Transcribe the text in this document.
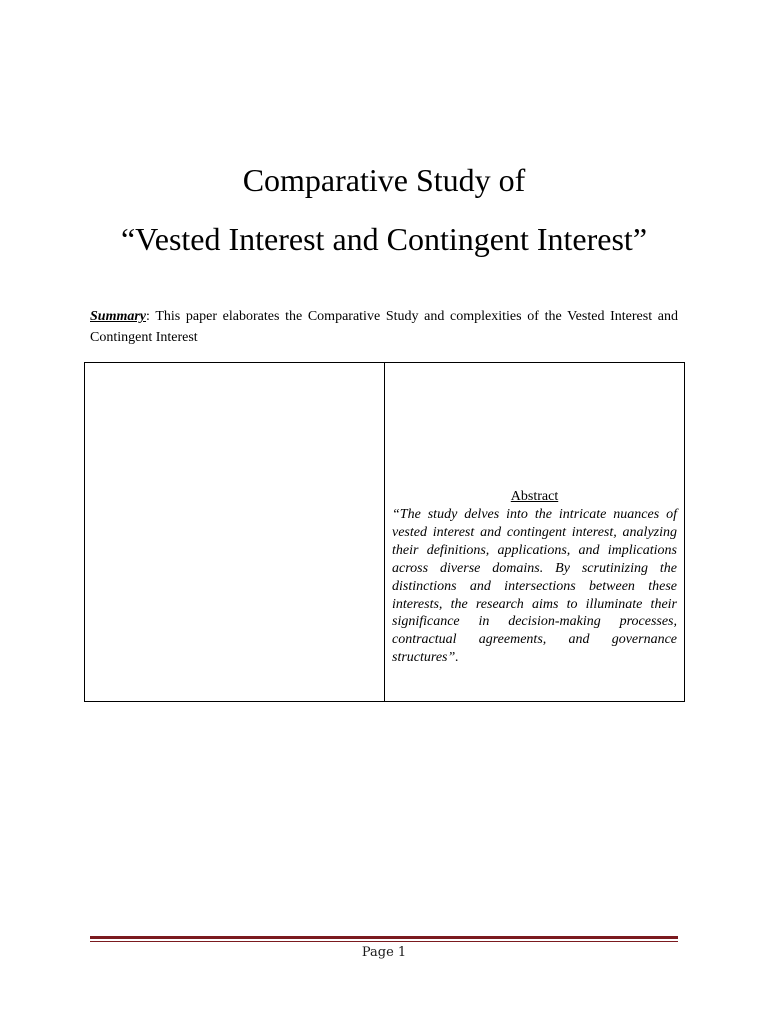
Comparative Study of
“Vested Interest and Contingent Interest”
Summary: This paper elaborates the Comparative Study and complexities of the Vested Interest and Contingent Interest
Abstract
“The study delves into the intricate nuances of vested interest and contingent interest, analyzing their definitions, applications, and implications across diverse domains. By scrutinizing the distinctions and intersections between these interests, the research aims to illuminate their significance in decision-making processes, contractual agreements, and governance structures”.
Page 1
